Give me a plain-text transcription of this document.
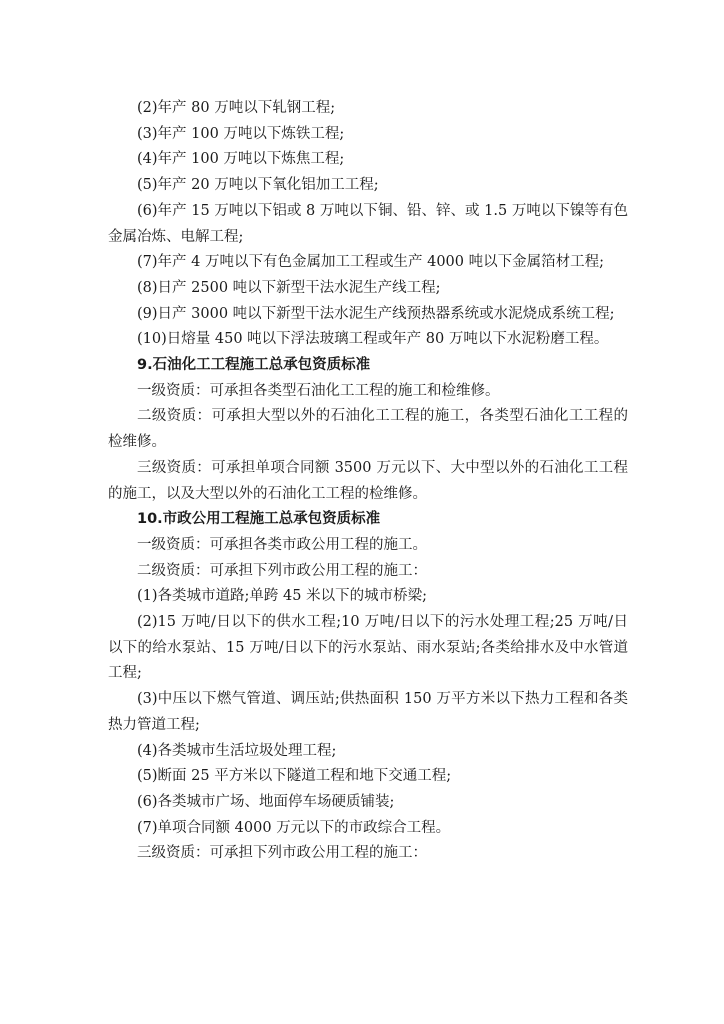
(2)年产 80 万吨以下轧钢工程;

(3)年产 100 万吨以下炼铁工程;

(4)年产 100 万吨以下炼焦工程;

(5)年产 20 万吨以下氧化铝加工工程;

(6)年产 15 万吨以下铝或 8 万吨以下铜、铅、锌、或 1.5 万吨以下镍等有色金属冶炼、电解工程;

(7)年产 4 万吨以下有色金属加工工程或生产 4000 吨以下金属箔材工程;

(8)日产 2500 吨以下新型干法水泥生产线工程;

(9)日产 3000 吨以下新型干法水泥生产线预热器系统或水泥烧成系统工程;

(10)日熔量 450 吨以下浮法玻璃工程或年产 80 万吨以下水泥粉磨工程。

9.石油化工工程施工总承包资质标准

一级资质：可承担各类型石油化工工程的施工和检维修。

二级资质：可承担大型以外的石油化工工程的施工，各类型石油化工工程的检维修。

三级资质：可承担单项合同额 3500 万元以下、大中型以外的石油化工工程的施工，以及大型以外的石油化工工程的检维修。

10.市政公用工程施工总承包资质标准

一级资质：可承担各类市政公用工程的施工。

二级资质：可承担下列市政公用工程的施工：

(1)各类城市道路;单跨 45 米以下的城市桥梁;

(2)15 万吨/日以下的供水工程;10 万吨/日以下的污水处理工程;25 万吨/日以下的给水泵站、15 万吨/日以下的污水泵站、雨水泵站;各类给排水及中水管道工程;

(3)中压以下燃气管道、调压站;供热面积 150 万平方米以下热力工程和各类热力管道工程;

(4)各类城市生活垃圾处理工程;

(5)断面 25 平方米以下隧道工程和地下交通工程;

(6)各类城市广场、地面停车场硬质铺装;

(7)单项合同额 4000 万元以下的市政综合工程。

三级资质：可承担下列市政公用工程的施工：
